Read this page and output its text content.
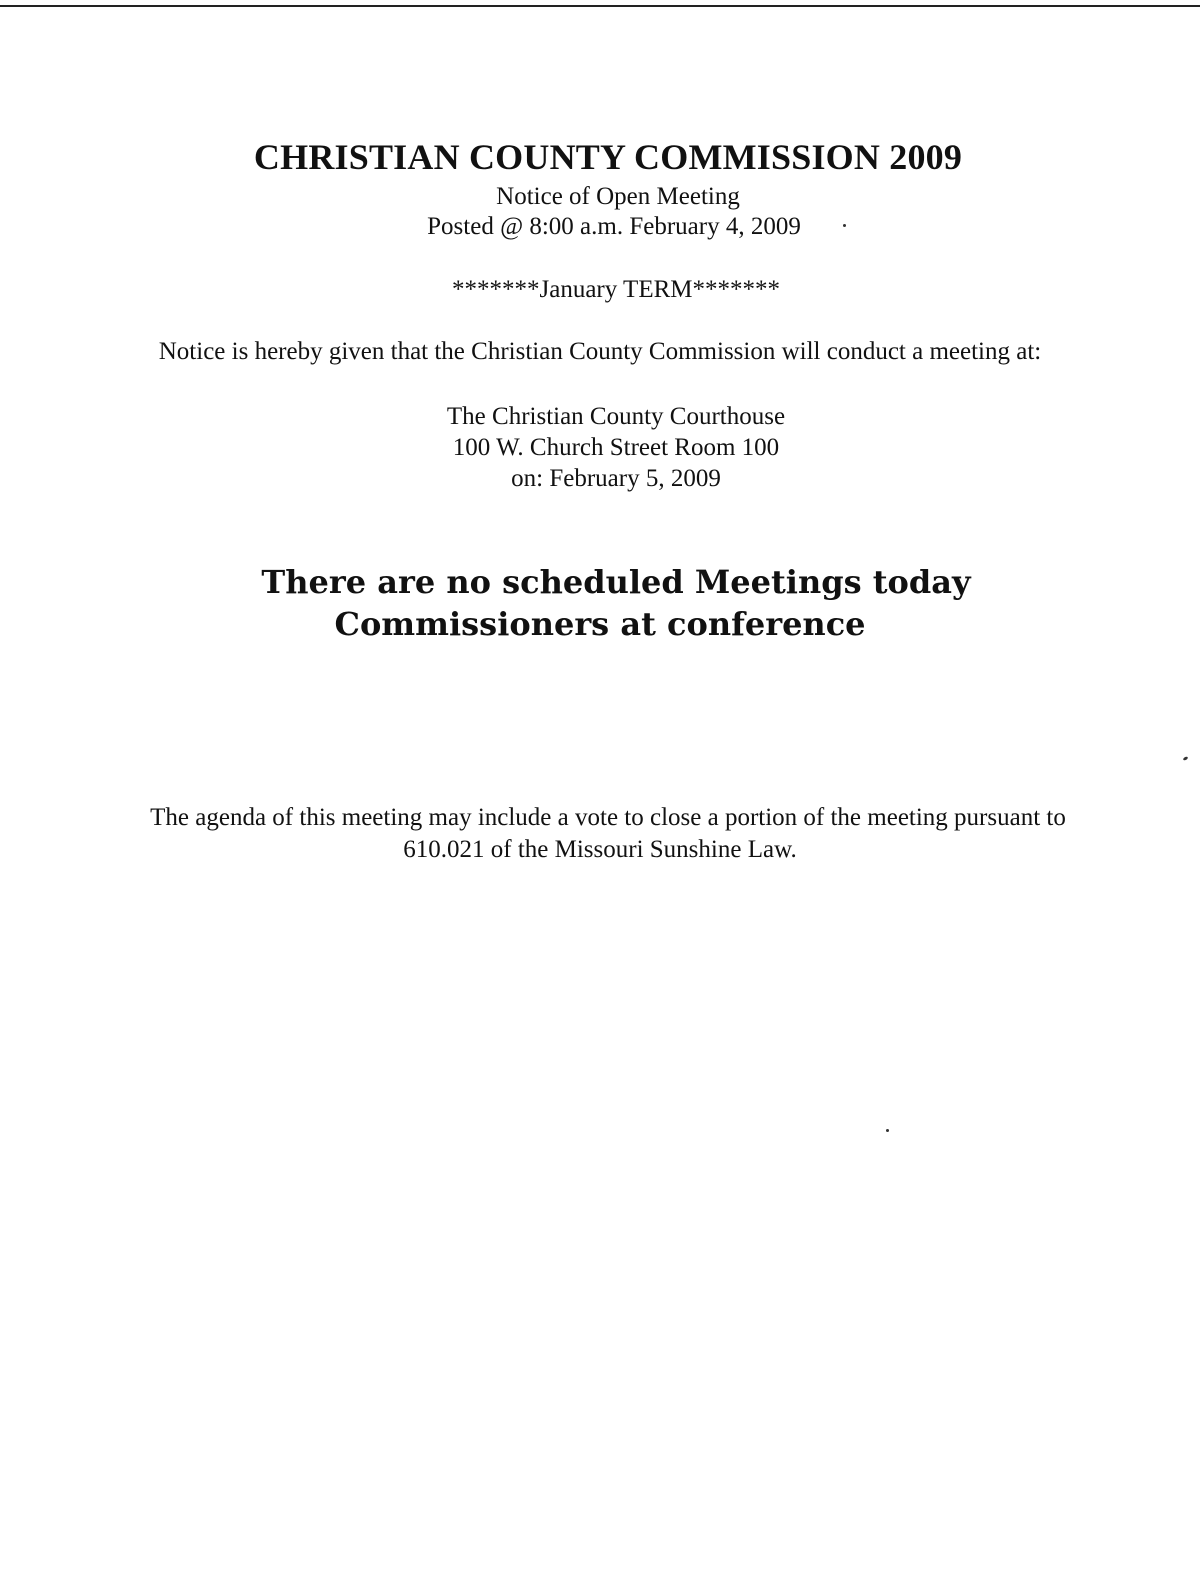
CHRISTIAN COUNTY COMMISSION 2009
Notice of Open Meeting
Posted @ 8:00 a.m. February 4, 2009
*******January TERM*******
Notice is hereby given that the Christian County Commission will conduct a meeting at:
The Christian County Courthouse
100 W. Church Street Room 100
on: February 5, 2009
There are no scheduled Meetings today
Commissioners at conference
The agenda of this meeting may include a vote to close a portion of the meeting pursuant to
610.021 of the Missouri Sunshine Law.
